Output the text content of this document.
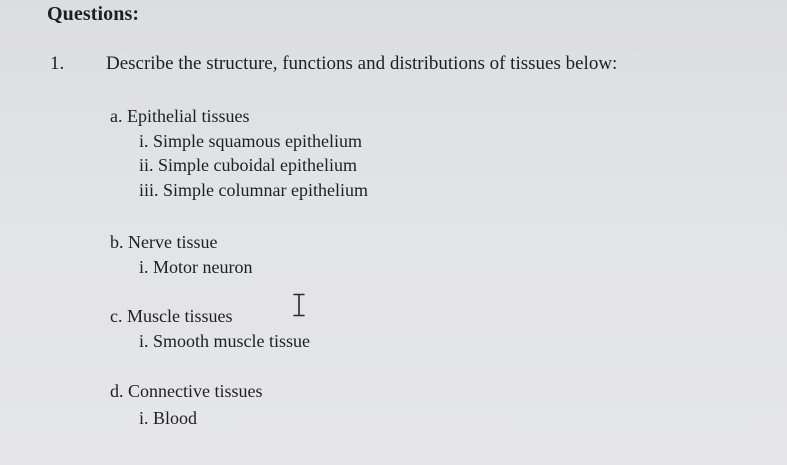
Questions:
1. Describe the structure, functions and distributions of tissues below:
a. Epithelial tissues
i. Simple squamous epithelium
ii. Simple cuboidal epithelium
iii. Simple columnar epithelium
b. Nerve tissue
i. Motor neuron
c. Muscle tissues
i. Smooth muscle tissue
d. Connective tissues
i. Blood
